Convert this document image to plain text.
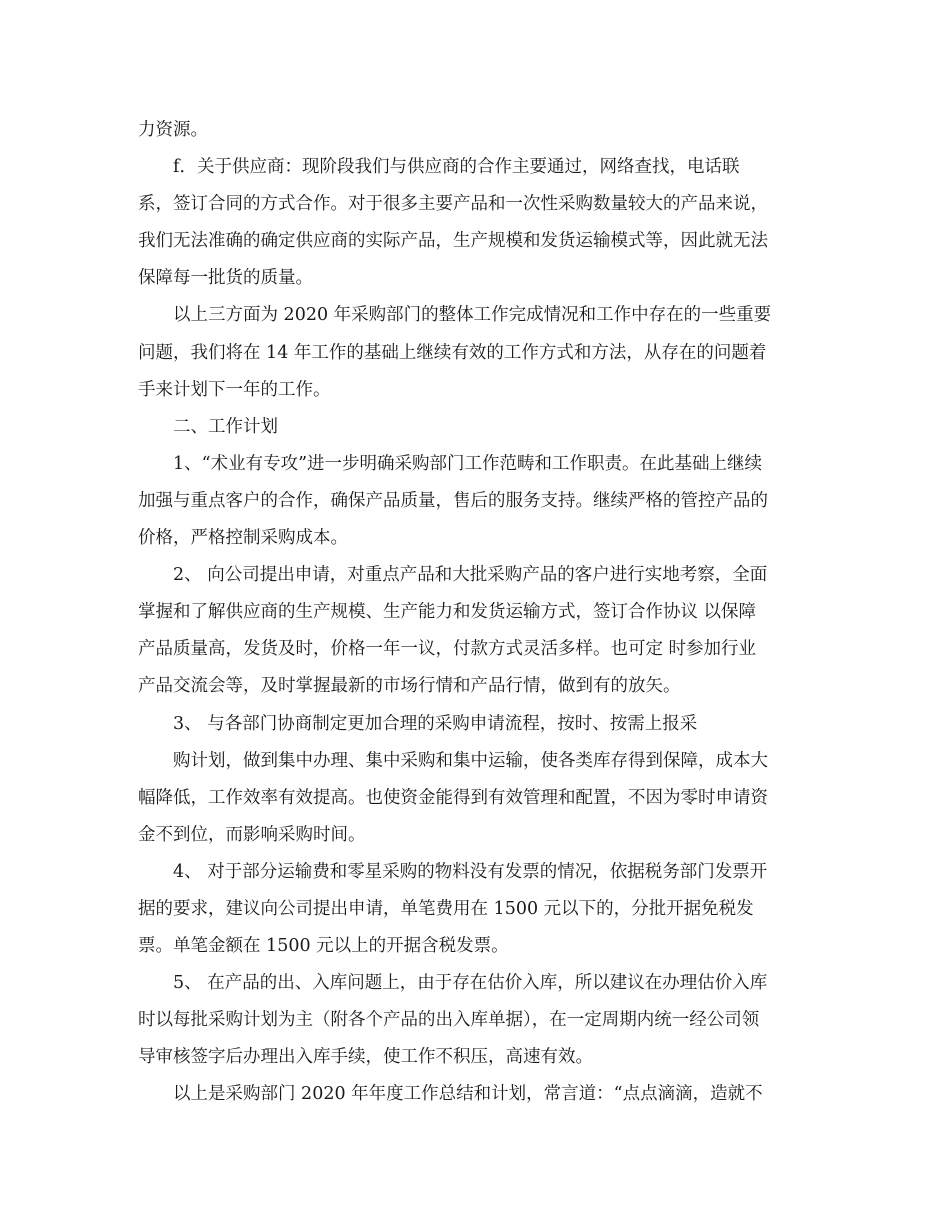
力资源。
f．关于供应商：现阶段我们与供应商的合作主要通过，网络查找，电话联
系，签订合同的方式合作。对于很多主要产品和一次性采购数量较大的产品来说，
我们无法准确的确定供应商的实际产品，生产规模和发货运输模式等，因此就无法
保障每一批货的质量。
以上三方面为 2020 年采购部门的整体工作完成情况和工作中存在的一些重要
问题，我们将在 14 年工作的基础上继续有效的工作方式和方法，从存在的问题着
手来计划下一年的工作。
二、工作计划
1、“术业有专攻”进一步明确采购部门工作范畴和工作职责。在此基础上继续
加强与重点客户的合作，确保产品质量，售后的服务支持。继续严格的管控产品的
价格，严格控制采购成本。
2、 向公司提出申请，对重点产品和大批采购产品的客户进行实地考察，全面
掌握和了解供应商的生产规模、生产能力和发货运输方式，签订合作协议 以保障
产品质量高，发货及时，价格一年一议，付款方式灵活多样。也可定 时参加行业
产品交流会等，及时掌握最新的市场行情和产品行情，做到有的放矢。
3、 与各部门协商制定更加合理的采购申请流程，按时、按需上报采
购计划，做到集中办理、集中采购和集中运输，使各类库存得到保障，成本大
幅降低，工作效率有效提高。也使资金能得到有效管理和配置，不因为零时申请资
金不到位，而影响采购时间。
4、 对于部分运输费和零星采购的物料没有发票的情况，依据税务部门发票开
据的要求，建议向公司提出申请，单笔费用在 1500 元以下的，分批开据免税发
票。单笔金额在 1500 元以上的开据含税发票。
5、 在产品的出、入库问题上，由于存在估价入库，所以建议在办理估价入库
时以每批采购计划为主（附各个产品的出入库单据），在一定周期内统一经公司领
导审核签字后办理出入库手续，使工作不积压，高速有效。
以上是采购部门 2020 年年度工作总结和计划，常言道：“点点滴滴，造就不
